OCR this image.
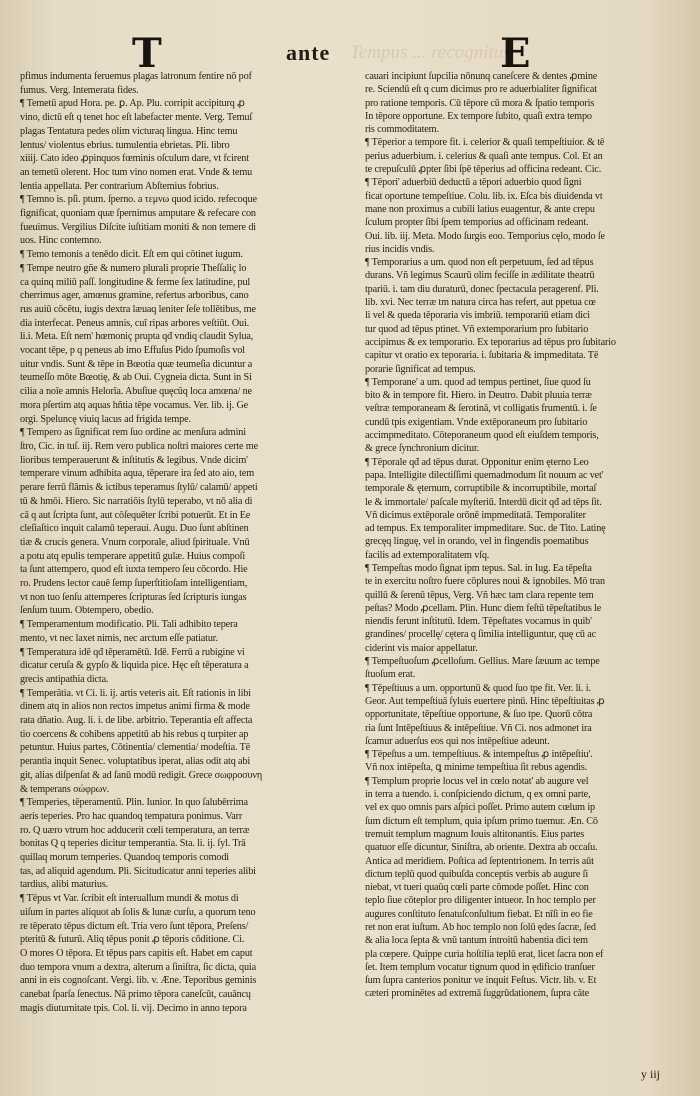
Tempus ... recognitus
T	ante	E
pfimus indumenta feruemus plagas latronum fentire nō pof
fumus. Verg. Intemerata fides.
¶ Temetū apud Hora. pe. ꝑ. Ap. Plu. corripit accipiturq ꝓ
vino, dictū eſt q tenet hoc eſt labefacter mente. Verg. Temuſ
plagas Tentatura pedes olim victuraq lingua. Hinc temu
lentus/ violentus ebrius. tumulentia ebrietas. Pli. libro
xiiij. Cato ideo ꝓpinquos fœminis oſculum dare, vt fcirent
an temetū olerent. Hoc tum vino nomen erat. Vnde & temu
lentia appellata. Per contrarium Abſtemius fobrius.
¶ Temno is. pſi. ptum. ſperno. a τεμνω quod icido. refecoque
fignificat, quoniam quæ ſpernimus amputare & refecare con
fueuimus. Vergilius Diſcite iuſtitiam moniti & non temere di
uos. Hinc contemno.
¶ Temo temonis a tenēdo dicit. Eſt em qui cōtinet iugum.
¶ Tempe neutro gñe & numero plurali proprie Theſſaliç lo
ca quinq miliū paſſ. longitudine & ferme ſex latitudine, pul
cherrimus ager, amœnus gramine, refertus arboribus, cano
rus auiū cōcētu, iugis dextra læuaq leniter ſeſe tollētibus, me
dia interfecat. Peneus amnis, cuī ripas arbores veſtiūt. Oui.
li.i. Meta. Eſt nem' hœmoniç prupta qđ vndiq claudit Sylua,
vocant tēpe, p q peneus ab imo Effuſus Pido ſpumoſis vol
uitur vndis. Sunt & tēpe in Bœotia quæ teumeſia dicuntur a
teumeſſo mōte Bœotię, & ab Oui. Cygneia dicta. Sunt in Si
cilia a noīe amnis Helorīa. Abuſiue quęcūq loca amœna/ ne
mora pſertim atq aquas hñtia tēpe vocamus. Ver. lib. ij. Ge
orgi. Speluncę viuiq lacus ad frigida tempe.
¶ Tempero as ſignificat rem ſuo ordine ac menſura admini
ſtro, Cic. in tuſ. iij. Rem vero publica noſtri maiores certe me
lioribus temperauerunt & inſtitutis & legibus. Vnde dicim'
temperare vinum adhibita aqua, tēperare ira ſed ato aio, tem
perare ferrū flāmis & ictibus teperamus ſtylū/ calamū/ appeti
tū & hmōi. Hiero. Sic narratiōis ſtylū teperabo, vt nō alia di
cā q aut ſcripta ſunt, aut cōſequēter ſcribi potuerūt. Et in Ee
cleſiaſtico inquit calamū teperaui. Augu. Duo ſunt abſtinen
tiæ & crucis genera. Vnum corporale, aliud ſpirituale. Vnū
a potu atq epulis temperare appetitū gulæ. Huius compoſi
ta ſunt attempero, quod eſt iuxta tempero ſeu cōcordo. Hie
ro. Prudens lector cauē ſemp ſuperſtitioſam intelligentiam,
vt non tuo ſenſu attemperes ſcripturas ſed ſcripturis iungas
ſenſum tuum. Obtempero, obedio.
¶ Temperamentum modificatio. Pli. Tali adhibito tepera
mento, vt nec laxet nimis, nec arctum eſſe patiatur.
¶ Temperatura idē qđ tēperamētū. Idē. Ferrū a rubigine vi
dicatur ceruſa & gypſo & liquida pice. Hęc eſt tēperatura a
grecis antipathia dicta.
¶ Temperātia. vt Ci. li. ij. artis veteris ait. Eſt rationis in libi
dinem atq in alios non rectos impetus animi firma & mode
rata dñatio. Aug. li. i. de libe. arbitrio. Teperantia eſt affecta
tio coercens & cohibens appetitū ab his rebus q turpiter ap
petuntur. Huius partes, Cōtinentia/ clementia/ modeſtia. Tē
perantia inquit Senec. voluptatibus iperat, alias odit atq abi
git, alias diſpenſat & ad ſanū modū redigit. Grece σωφροσυνη
& temperans σώφρων.
¶ Temperies, tēperamentū. Plin. Iunior. In quo ſalubērrima
aeris teperies. Pro hac quandoq tempatura ponimus. Varr
ro. Q uæro vtrum hoc adducerit cœli temperatura, an terræ
bonitas Q q teperies dicitur temperantia. Sta. li. ij. ſyl. Trā
quillaq morum temperies. Quandoq temporis comodi
tas, ad aliquid agendum. Pli. Sicitudicatur anni teperies alibi
tardius, alibi maturius.
¶ Tēpus vt Var. ſcribit eſt interuallum mundi & motus di
uiſum in partes aliquot ab ſolis & lunæ curſu, a quorum teno
re tēperato tēpus dictum eſt. Tria vero ſunt tēpora, Preſens/
pteritū & futurū. Aliq tēpus ponit ꝓ tēporis cōditione. Ci.
O mores O tēpora. Et tēpus pars capitis eſt. Habet em caput
duo tempora vnum a dextra, alterum a ſiniſtra, ſic dicta, quia
anni in eis cognoſcant. Vergi. lib. v. Æne. Teporibus geminis
canebat ſparſa ſenectus. Nā primo tēpora caneſcūt, cauāncų
magis diuturnitate tpis. Col. li. vij. Decimo in anno tepora
cauari incipiunt ſupcilia nōnunq caneſcere & dentes ꝓmine
re. Sciendū eſt q cum dicimus pro re aduerbialiter ſignificat
pro ratione temporis. Cū tēpore cū mora & ſpatio temporis
In tēpore opportune. Ex tempore ſubito, quaſi extra tempo
ris commoditatem.
¶ Tēperior a tempore fit. i. celerior & quaſi tempeſtiuior. & tē
perius aduerbium. i. celerius & quaſi ante tempus. Col. Et an
te crepuſculū ꝓpter ſibi ſpē tēperius ad officina redeant. Cic.
¶ Tēpori' aduerbiū deductū a tēpori aduerbio quod ſigni
ficat oportune tempeſtiue. Colu. lib. ix. Eſca bis diuidenda vt
mane non proximus a cubili latius euagentur, & ante crepu
ſculum propter ſibi ſpem temporius ad officinam redeant.
Oui. lib. iij. Meta. Modo ſurgis eoo. Temporius cęlo, modo ſe
rius incidis vndis.
¶ Temporarius a um. quod non eſt perpetuum, ſed ad tēpus
durans. Vñ legimus Scaurū olim feciſſe in ædilitate theatrū
tpariū. i. tam diu duraturū, donec ſpectacula peragerenf. Pli.
lib. xvi. Nec terræ tm natura circa has refert, aut ppetua cœ
li vel & queda tēporaria vis imbriū. temporariū etiam dici
tur quod ad tēpus ptinet. Vñ extemporarium pro ſubitario
accipimus & ex temporario. Ex teporarius ad tēpus pro ſubitario
capitur vt oratio ex teporaria. i. ſubitaria & impmeditata. Tē
porarie ſignificat ad tempus.
¶ Temporane' a um. quod ad tempus pertinet, ſiue quod ſu
bito & in tempore fit. Hiero. in Deutro. Dabit pluuia terræ
veſtræ temporaneam & ſerotinā, vt colligatis frumentū. i. ſe
cundū tpis exigentiam. Vnde extēporaneum pro ſubitario
accimpmeditato. Cōteporaneum quod eſt eiuſdem temporis,
& grece ſynchronium dicitur.
¶ Tēporale qđ ad tēpus durat. Opponitur enim ęterno Leo
papa. Intelligite dilectiſſimi quemadmodum ſit nouum ac vet'
temporale & ęternum, corruptibile & incorruptibile, mortaſ
le & immortale/ paſcale myſteriū. Interdū dicit qđ ad tēps ſit.
Vñ dicimus extēporale orōnē impmeditatā. Temporaliter
ad tempus. Ex temporaliter impmeditare. Suc. de Tito. Latinę
grecęq linguę, vel in orando, vel in fingendis poematibus
facilis ad extemporalitatem vſq.
¶ Tempeſtas modo ſignat ipm tepus. Sal. in Iug. Ea tēpeſta
te in exercitu noſtro fuere cōplures noui & ignobiles. Mō tran
quillū & ſerenū tēpus, Verg. Vñ hæc tam clara repente tem
peſtas? Modo ꝓcellam. Plin. Hunc diem feſtū tēpeſtatibus le
niendis ferunt inſtitutū. Idem. Tēpeſtates vocamus in quib'
grandines/ procellę/ cętera q ſimilia intelliguntur, quę cū ac
ciderint vis maior appellatur.
¶ Tempeſtuoſum ꝓcelloſum. Gellius. Mare ſæuum ac tempe
ſtuoſum erat.
¶ Tēpeſtiuus a um. opportunū & quod ſuo tpe fit. Ver. li. i.
Geor. Aut tempeſtiuā ſyluis euertere pinū. Hinc tēpeſtiuitas ꝓ
opportunitate, tēpeſtiue opportune, & ſuo tpe. Quorū cōtra
ria ſunt Intēpeſtiuus & intēpeſtiue. Vñ Ci. nos admonet ira
ſcamur aduerſus eos qui nos intēpeſtiue adeunt.
¶ Tēpeſtus a um. tempeſtiuus. & intempeſtus ꝓ intēpeſtiu'.
Vñ nox intēpeſta, ꝗ minime tempeſtiua ſit rebus agendis.
¶ Templum proprie locus vel in cœlo notat' ab augure vel
in terra a tuendo. i. conſpiciendo dictum, q ex omni parte,
vel ex quo omnis pars aſpici poſſet. Primo autem cœlum ip
ſum dictum eſt templum, quia ipſum primo tuemur. Æn. Cō
tremuit templum magnum Iouis altitonantis. Eius partes
quatuor eſſe dicuntur, Siniſtra, ab oriente. Dextra ab occaſu.
Antica ad meridiem. Poſtica ad ſeptentrionem. In terris aūt
dictum teplū quod quibuſda conceptis verbis ab augure ſi
niebat, vt tueri quaūq cœli parte cōmode poſſet. Hinc con
teplo ſiue cōteplor pro diligenter intueor. In hoc templo per
augures conſtituto ſenatuſconſultum fiebat. Et nīſi in eo fie
ret non erat iuſtum. Ab hoc templo non ſolū ędes ſacræ, ſed
& alia loca ſepta & vnū tantum introitū habentia dici tem
pla cœpere. Quippe curia hoſtilia teplū erat, licet ſacra non ef
ſet. Item templum vocatur tignum quod in ędificio tranſuer
ſum ſupra canterios ponitur ve inquit Feſtus. Victr. lib. v. Et
cæteri prominētes ad extremā ſuggrūdationem, ſupra cāte
y iij
